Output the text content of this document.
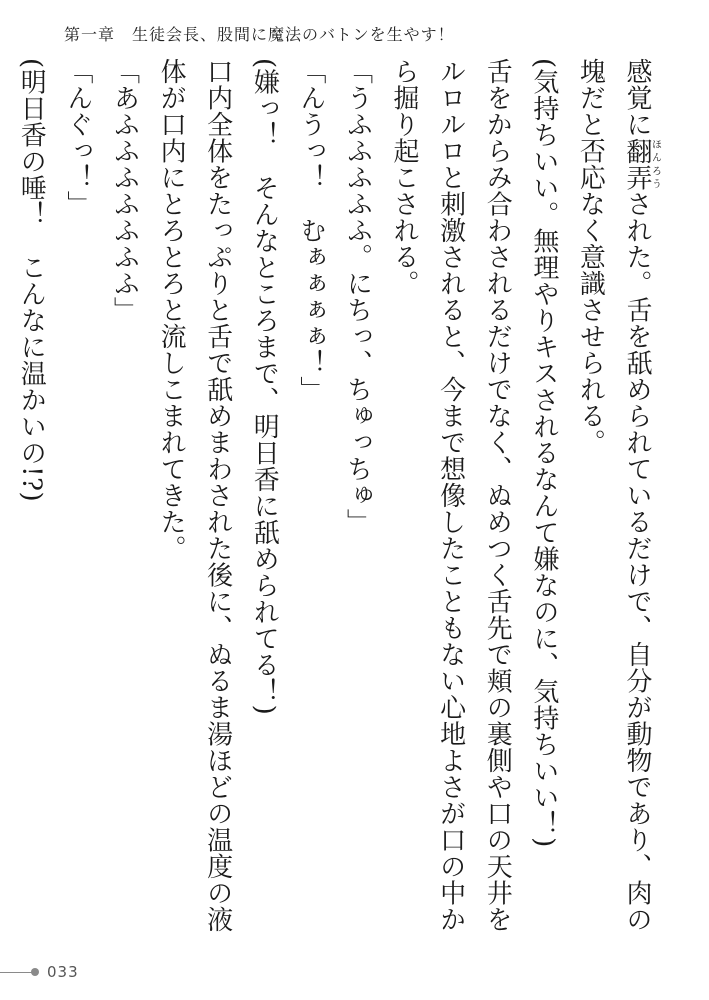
第一章　生徒会長、股間に魔法のバトンを生やす！

感覚に翻弄ほんろうされた。舌を舐められているだけで、自分が動物であり、肉の塊だと否応なく意識させられる。

(気持ちいい。無理やりキスされるなんて嫌なのに、気持ちいい！)

舌をからみ合わされるだけでなく、ぬめつく舌先で頬の裏側や口の天井をルロルロと刺激されると、今まで想像したこともない心地よさが口の中から掘り起こされる。

「うふふふふふ。にちっ、ちゅっちゅ」

「んうっ！　むぁぁぁぁ！」

(嫌っ！　そんなところまで、明日香に舐められてる！)

口内全体をたっぷりと舌で舐めまわされた後に、ぬるま湯ほどの温度の液体が口内にとろとろと流しこまれてきた。

「あふふふふふふふ」

「んぐっ！」

(明日香の唾！　こんなに温かいの!?)

033
